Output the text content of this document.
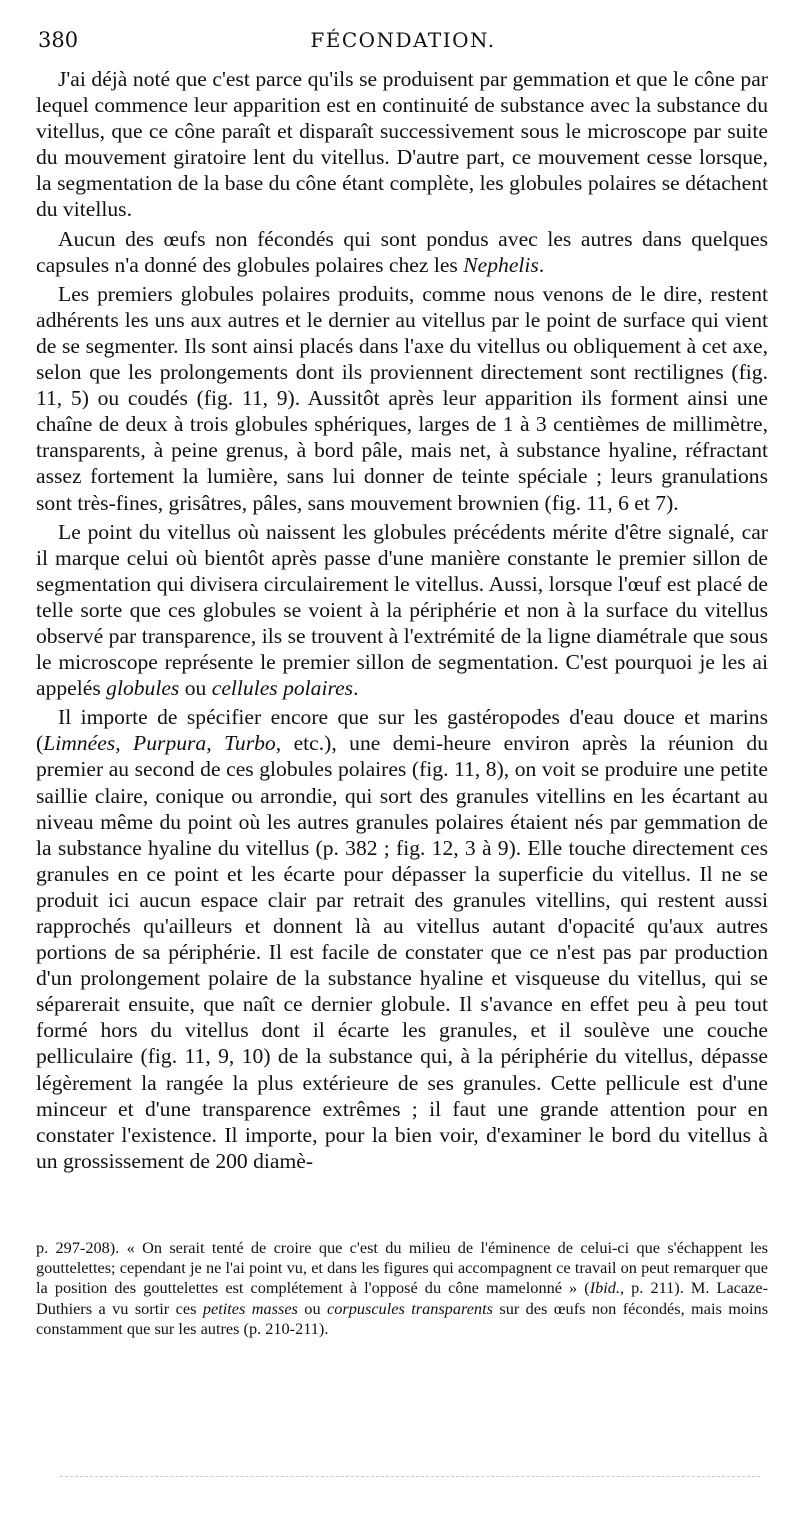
380	FÉCONDATION.

J'ai déjà noté que c'est parce qu'ils se produisent par gemmation et que le cône par lequel commence leur apparition est en continuité de substance avec la substance du vitellus, que ce cône paraît et disparaît successivement sous le microscope par suite du mouvement giratoire lent du vitellus. D'autre part, ce mouvement cesse lorsque, la segmentation de la base du cône étant complète, les globules polaires se détachent du vitellus.

Aucun des œufs non fécondés qui sont pondus avec les autres dans quelques capsules n'a donné des globules polaires chez les Nephelis.

Les premiers globules polaires produits, comme nous venons de le dire, restent adhérents les uns aux autres et le dernier au vitellus par le point de surface qui vient de se segmenter. Ils sont ainsi placés dans l'axe du vitellus ou obliquement à cet axe, selon que les prolongements dont ils proviennent directement sont rectilignes (fig. 11, 5) ou coudés (fig. 11, 9). Aussitôt après leur apparition ils forment ainsi une chaîne de deux à trois globules sphériques, larges de 1 à 3 centièmes de millimètre, transparents, à peine grenus, à bord pâle, mais net, à substance hyaline, réfractant assez fortement la lumière, sans lui donner de teinte spéciale ; leurs granulations sont très-fines, grisâtres, pâles, sans mouvement brownien (fig. 11, 6 et 7).

Le point du vitellus où naissent les globules précédents mérite d'être signalé, car il marque celui où bientôt après passe d'une manière constante le premier sillon de segmentation qui divisera circulairement le vitellus. Aussi, lorsque l'œuf est placé de telle sorte que ces globules se voient à la périphérie et non à la surface du vitellus observé par transparence, ils se trouvent à l'extrémité de la ligne diamétrale que sous le microscope représente le premier sillon de segmentation. C'est pourquoi je les ai appelés globules ou cellules polaires.

Il importe de spécifier encore que sur les gastéropodes d'eau douce et marins (Limnées, Purpura, Turbo, etc.), une demi-heure environ après la réunion du premier au second de ces globules polaires (fig. 11, 8), on voit se produire une petite saillie claire, conique ou arrondie, qui sort des granules vitellins en les écartant au niveau même du point où les autres granules polaires étaient nés par gemmation de la substance hyaline du vitellus (p. 382 ; fig. 12, 3 à 9). Elle touche directement ces granules en ce point et les écarte pour dépasser la superficie du vitellus. Il ne se produit ici aucun espace clair par retrait des granules vitellins, qui restent aussi rapprochés qu'ailleurs et donnent là au vitellus autant d'opacité qu'aux autres portions de sa périphérie. Il est facile de constater que ce n'est pas par production d'un prolongement polaire de la substance hyaline et visqueuse du vitellus, qui se séparerait ensuite, que naît ce dernier globule. Il s'avance en effet peu à peu tout formé hors du vitellus dont il écarte les granules, et il soulève une couche pelliculaire (fig. 11, 9, 10) de la substance qui, à la périphérie du vitellus, dépasse légèrement la rangée la plus extérieure de ses granules. Cette pellicule est d'une minceur et d'une transparence extrêmes ; il faut une grande attention pour en constater l'existence. Il importe, pour la bien voir, d'examiner le bord du vitellus à un grossissement de 200 diamè-

p. 297-208). « On serait tenté de croire que c'est du milieu de l'éminence de celui-ci que s'échappent les gouttelettes; cependant je ne l'ai point vu, et dans les figures qui accompagnent ce travail on peut remarquer que la position des gouttelettes est complétement à l'opposé du cône mamelonné » (Ibid., p. 211). M. Lacaze-Duthiers a vu sortir ces petites masses ou corpuscules transparents sur des œufs non fécondés, mais moins constamment que sur les autres (p. 210-211).
